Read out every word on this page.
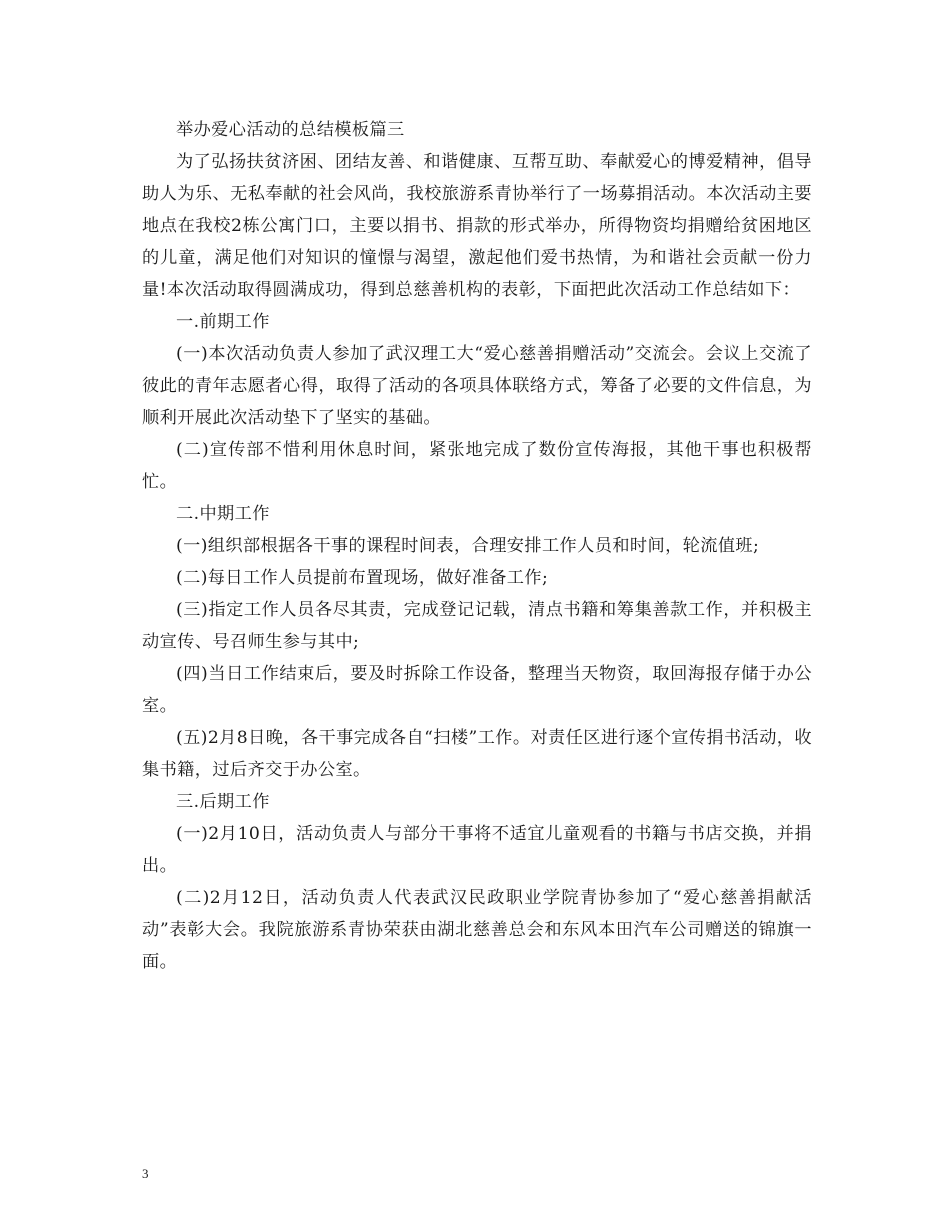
举办爱心活动的总结模板篇三

为了弘扬扶贫济困、团结友善、和谐健康、互帮互助、奉献爱心的博爱精神，倡导助人为乐、无私奉献的社会风尚，我校旅游系青协举行了一场募捐活动。本次活动主要地点在我校2栋公寓门口，主要以捐书、捐款的形式举办，所得物资均捐赠给贫困地区的儿童，满足他们对知识的憧憬与渴望，激起他们爱书热情，为和谐社会贡献一份力量!本次活动取得圆满成功，得到总慈善机构的表彰，下面把此次活动工作总结如下：

一.前期工作

(一)本次活动负责人参加了武汉理工大“爱心慈善捐赠活动”交流会。会议上交流了彼此的青年志愿者心得，取得了活动的各项具体联络方式，筹备了必要的文件信息，为顺利开展此次活动垫下了坚实的基础。

(二)宣传部不惜利用休息时间，紧张地完成了数份宣传海报，其他干事也积极帮忙。

二.中期工作

(一)组织部根据各干事的课程时间表，合理安排工作人员和时间，轮流值班;

(二)每日工作人员提前布置现场，做好准备工作;

(三)指定工作人员各尽其责，完成登记记载，清点书籍和筹集善款工作，并积极主动宣传、号召师生参与其中;

(四)当日工作结束后，要及时拆除工作设备，整理当天物资，取回海报存储于办公室。

(五)2月8日晚，各干事完成各自“扫楼”工作。对责任区进行逐个宣传捐书活动，收集书籍，过后齐交于办公室。

三.后期工作

(一)2月10日，活动负责人与部分干事将不适宜儿童观看的书籍与书店交换，并捐出。

(二)2月12日，活动负责人代表武汉民政职业学院青协参加了“爱心慈善捐献活动”表彰大会。我院旅游系青协荣获由湖北慈善总会和东风本田汽车公司赠送的锦旗一面。

3
